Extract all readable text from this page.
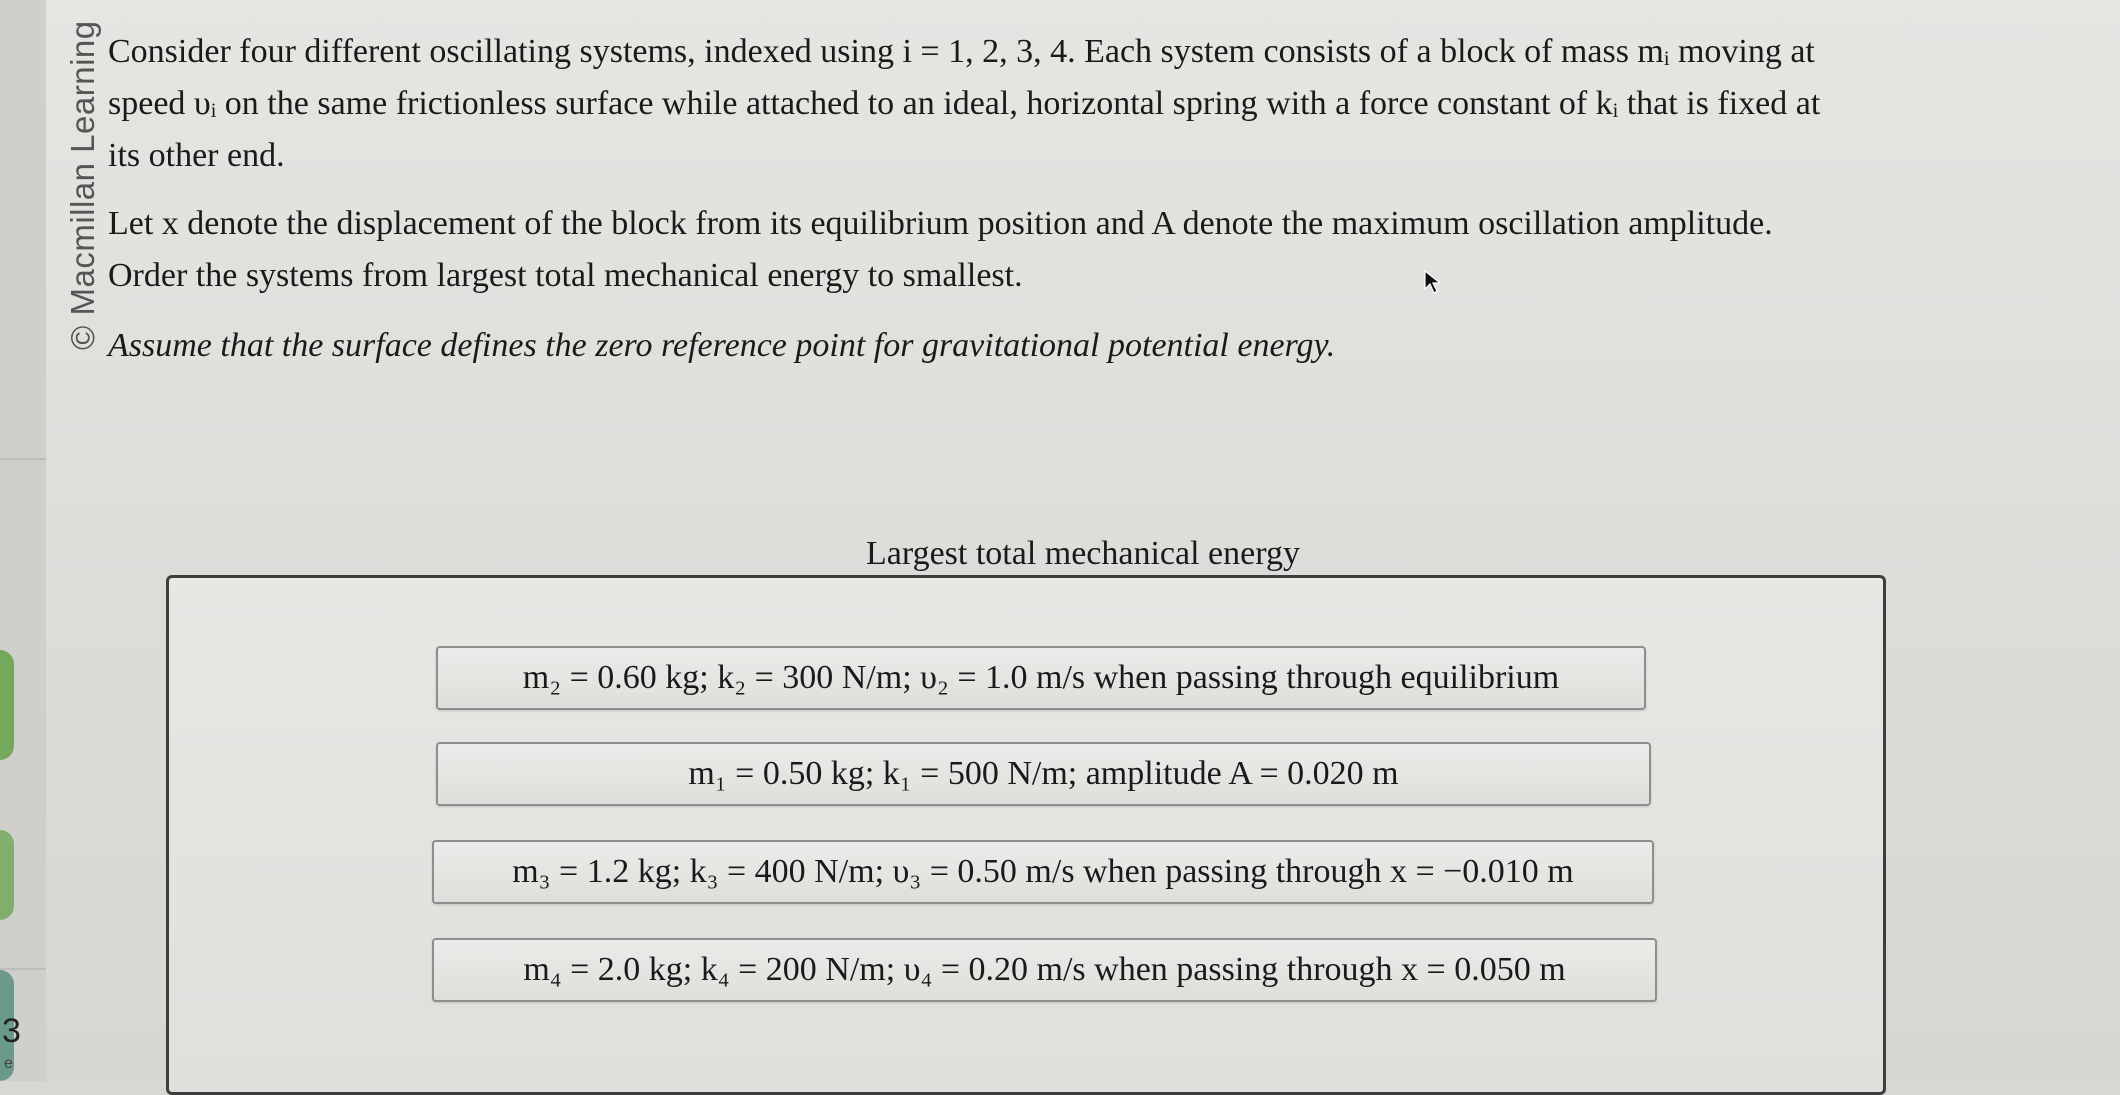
3
e
© Macmillan Learning Consider four different oscillating systems, indexed using i = 1, 2, 3, 4. Each system consists of a block of mass mᵢ moving at
speed υᵢ on the same frictionless surface while attached to an ideal, horizontal spring with a force constant of kᵢ that is fixed at
its other end.
Let x denote the displacement of the block from its equilibrium position and A denote the maximum oscillation amplitude.
Order the systems from largest total mechanical energy to smallest.
Assume that the surface defines the zero reference point for gravitational potential energy.
Largest total mechanical energy
m₂ = 0.60 kg; k₂ = 300 N/m; υ₂ = 1.0 m/s when passing through equilibrium
m₁ = 0.50 kg; k₁ = 500 N/m; amplitude A = 0.020 m
m₃ = 1.2 kg; k₃ = 400 N/m; υ₃ = 0.50 m/s when passing through x = −0.010 m
m₄ = 2.0 kg; k₄ = 200 N/m; υ₄ = 0.20 m/s when passing through x = 0.050 m
